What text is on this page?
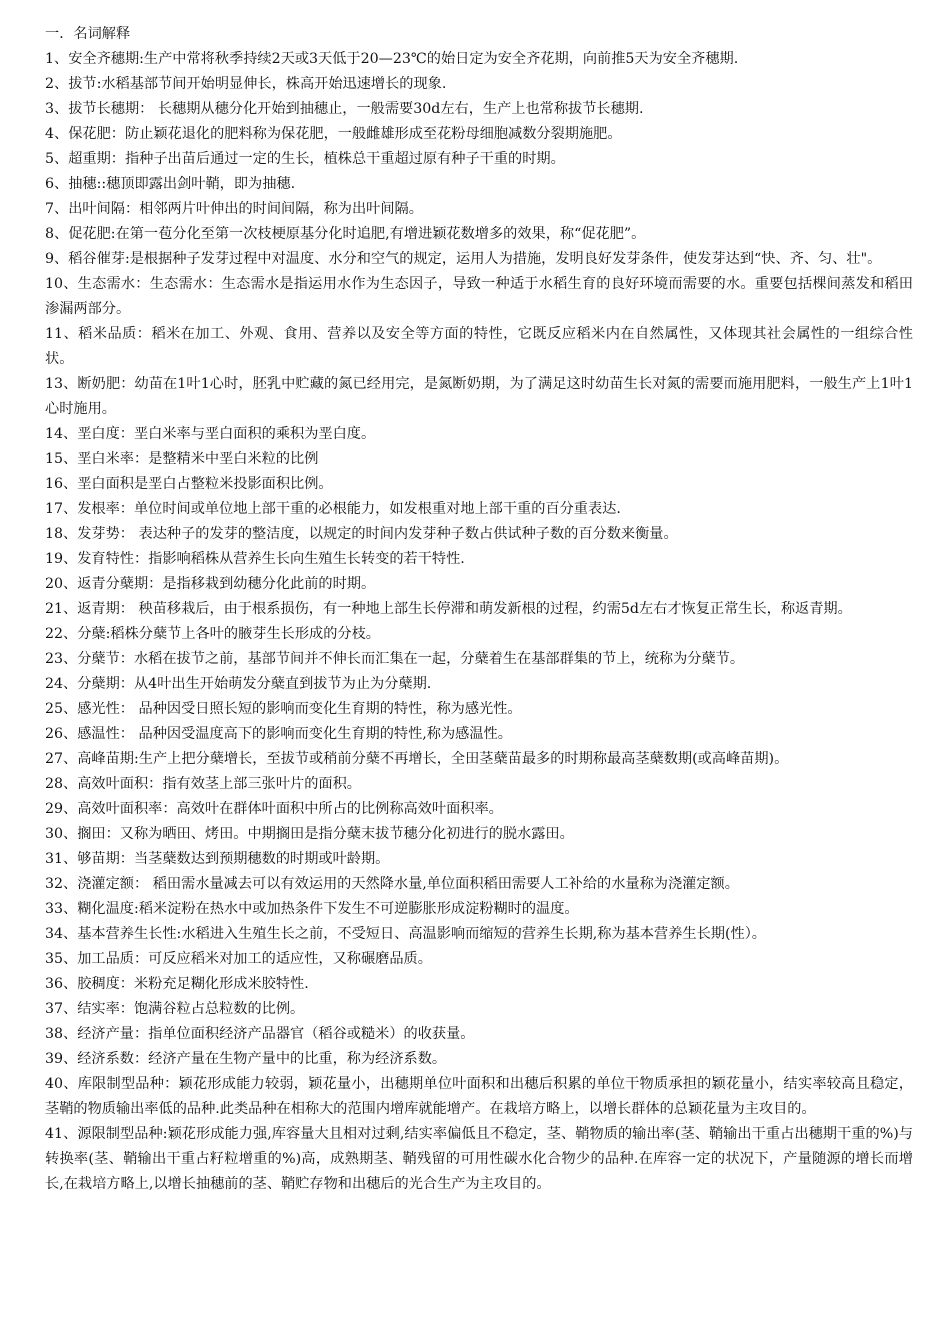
一．名词解释

1、安全齐穗期:生产中常将秋季持续2天或3天低于20—23℃的始日定为安全齐花期，向前推5天为安全齐穗期.

2、拔节:水稻基部节间开始明显伸长，株高开始迅速增长的现象.

3、拔节长穗期： 长穗期从穗分化开始到抽穗止，一般需要30d左右，生产上也常称拔节长穗期.

4、保花肥：防止颖花退化的肥料称为保花肥，一般雌雄形成至花粉母细胞减数分裂期施肥。

5、超重期：指种子出苗后通过一定的生长，植株总干重超过原有种子干重的时期。

6、抽穗::穗顶即露出剑叶鞘，即为抽穗.

7、出叶间隔：相邻两片叶伸出的时间间隔，称为出叶间隔。

8、促花肥:在第一苞分化至第一次枝梗原基分化时追肥,有增进颖花数增多的效果，称“促花肥”。

9、稻谷催芽:是根据种子发芽过程中对温度、水分和空气的规定，运用人为措施，发明良好发芽条件，使发芽达到“快、齐、匀、壮"。

10、生态需水：生态需水：生态需水是指运用水作为生态因子，导致一种适于水稻生育的良好环境而需要的水。重要包括棵间蒸发和稻田渗漏两部分。

11、稻米品质：稻米在加工、外观、食用、营养以及安全等方面的特性，它既反应稻米内在自然属性，又体现其社会属性的一组综合性状。

13、断奶肥：幼苗在1叶1心时，胚乳中贮藏的氮已经用完，是氮断奶期，为了满足这时幼苗生长对氮的需要而施用肥料，一般生产上1叶1心时施用。

14、垩白度：垩白米率与垩白面积的乘积为垩白度。

15、垩白米率：是整精米中垩白米粒的比例

16、垩白面积是垩白占整粒米投影面积比例。

17、发根率：单位时间或单位地上部干重的必根能力，如发根重对地上部干重的百分重表达.

18、发芽势： 表达种子的发芽的整洁度，以规定的时间内发芽种子数占供试种子数的百分数来衡量。

19、发育特性：指影响稻株从营养生长向生殖生长转变的若干特性.

20、返青分蘖期：是指移栽到幼穗分化此前的时期。

21、返青期： 秧苗移栽后，由于根系损伤，有一种地上部生长停滞和萌发新根的过程，约需5d左右才恢复正常生长，称返青期。

22、分蘖:稻株分蘖节上各叶的腋芽生长形成的分枝。

23、分蘖节：水稻在拔节之前，基部节间并不伸长而汇集在一起，分蘖着生在基部群集的节上，统称为分蘖节。

24、分蘖期：从4叶出生开始萌发分蘖直到拔节为止为分蘖期.

25、感光性： 品种因受日照长短的影响而变化生育期的特性，称为感光性。

26、感温性： 品种因受温度高下的影响而变化生育期的特性,称为感温性。

27、高峰苗期:生产上把分蘖增长，至拔节或稍前分蘖不再增长，全田茎蘖苗最多的时期称最高茎蘖数期(或高峰苗期)。

28、高效叶面积：指有效茎上部三张叶片的面积。

29、高效叶面积率：高效叶在群体叶面积中所占的比例称高效叶面积率。

30、搁田：又称为晒田、烤田。中期搁田是指分蘖末拔节穗分化初进行的脱水露田。

31、够苗期：当茎蘖数达到预期穗数的时期或叶龄期。

32、浇灌定额： 稻田需水量减去可以有效运用的天然降水量,单位面积稻田需要人工补给的水量称为浇灌定额。

33、糊化温度:稻米淀粉在热水中或加热条件下发生不可逆膨胀形成淀粉糊时的温度。

34、基本营养生长性:水稻进入生殖生长之前，不受短日、高温影响而缩短的营养生长期,称为基本营养生长期(性）。

35、加工品质：可反应稻米对加工的适应性，又称碾磨品质。

36、胶稠度：米粉充足糊化形成米胶特性.

37、结实率：饱满谷粒占总粒数的比例。

38、经济产量：指单位面积经济产品器官（稻谷或糙米）的收获量。

39、经济系数：经济产量在生物产量中的比重，称为经济系数。

40、库限制型品种：颖花形成能力较弱，颖花量小，出穗期单位叶面积和出穗后积累的单位干物质承担的颖花量小，结实率较高且稳定，茎鞘的物质输出率低的品种.此类品种在相称大的范围内增库就能增产。在栽培方略上，以增长群体的总颖花量为主攻目的。

41、源限制型品种:颖花形成能力强,库容量大且相对过剩,结实率偏低且不稳定，茎、鞘物质的输出率(茎、鞘输出干重占出穗期干重的%)与转换率(茎、鞘输出干重占籽粒增重的%)高，成熟期茎、鞘残留的可用性碳水化合物少的品种.在库容一定的状况下，产量随源的增长而增长,在栽培方略上,以增长抽穗前的茎、鞘贮存物和出穗后的光合生产为主攻目的。
